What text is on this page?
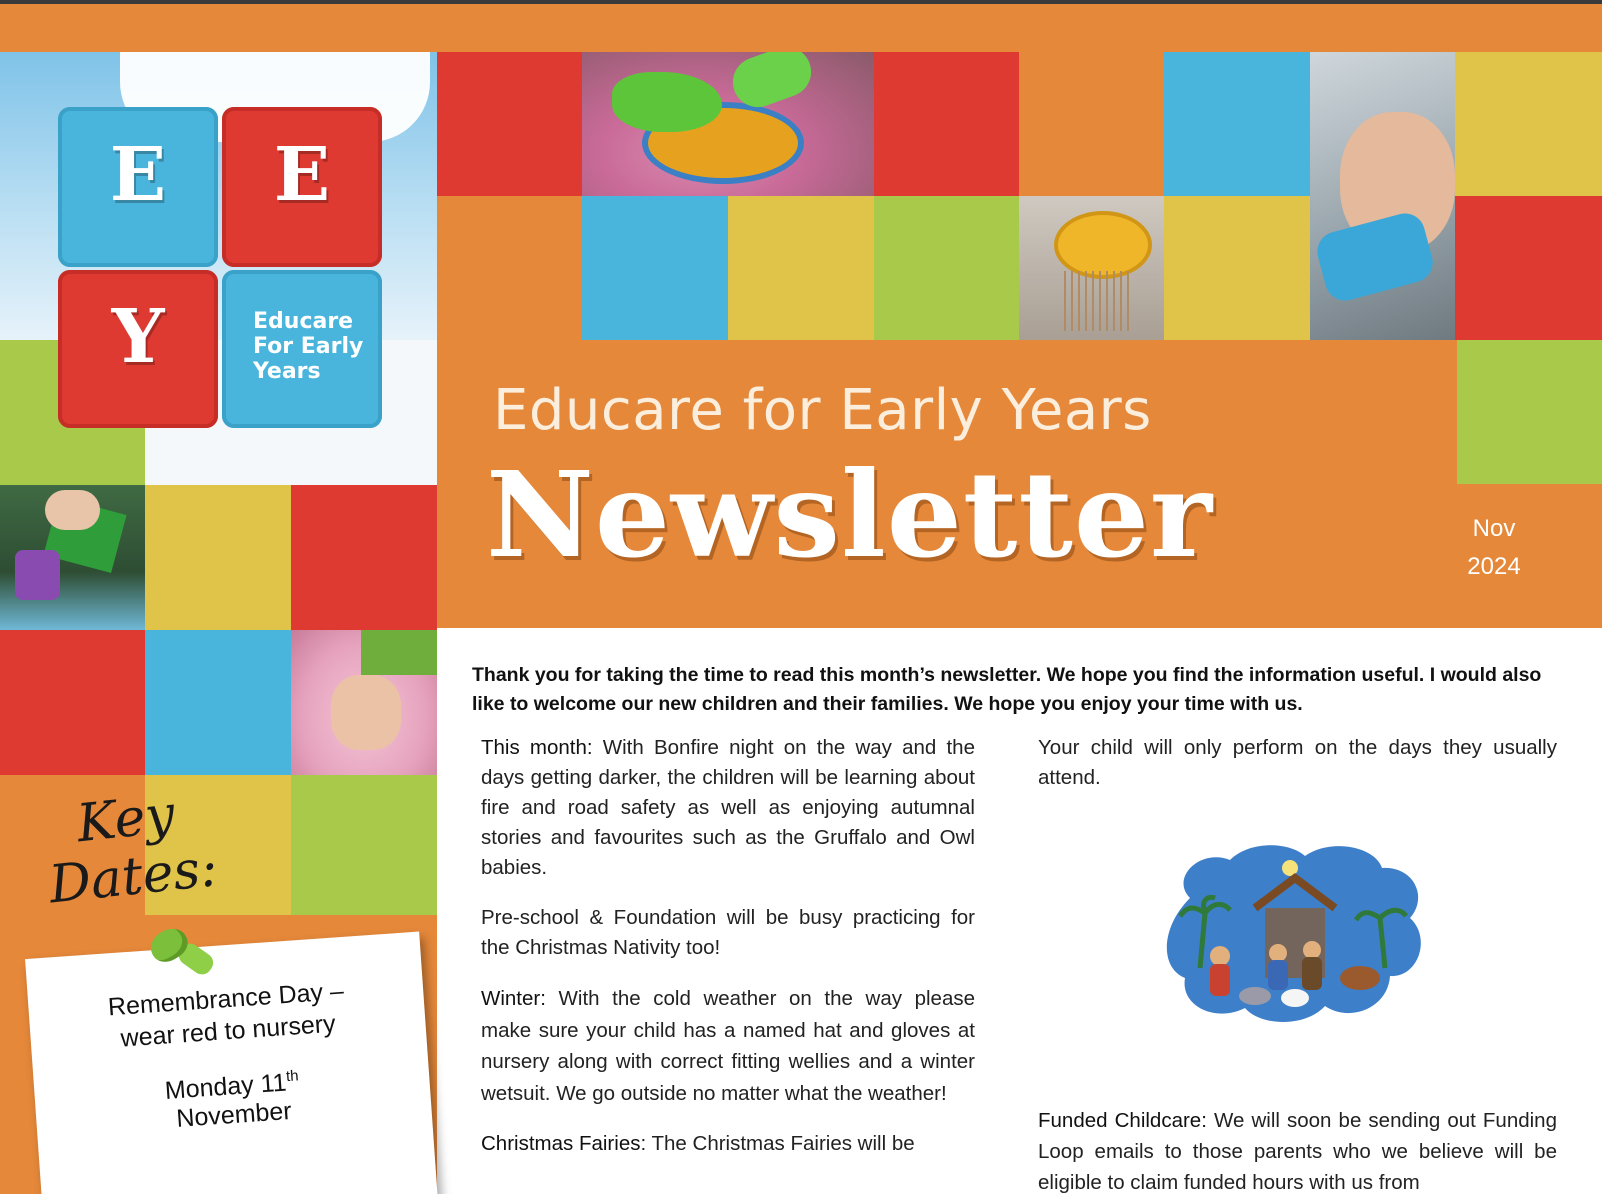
Educare for Early Years
Newsletter	Nov
2024
E	E
Y	Educare
For Early
Years
Key
Dates:
Remembrance Day –
wear red to nursery
Monday 11th
November
Thank you for taking the time to read this month’s newsletter. We hope you find the information useful. I would also like to welcome our new children and their families. We hope you enjoy your time with us.

This month: With Bonfire night on the way and the days getting darker, the children will be learning about fire and road safety as well as enjoying autumnal stories and favourites such as the Gruffalo and Owl babies.

Pre-school & Foundation will be busy practicing for the Christmas Nativity too!

Winter: With the cold weather on the way please make sure your child has a named hat and gloves at nursery along with correct fitting wellies and a winter wetsuit. We go outside no matter what the weather!

Christmas Fairies: The Christmas Fairies will be

Your child will only perform on the days they usually attend.

Funded Childcare: We will soon be sending out Funding Loop emails to those parents who we believe will be eligible to claim funded hours with us from
